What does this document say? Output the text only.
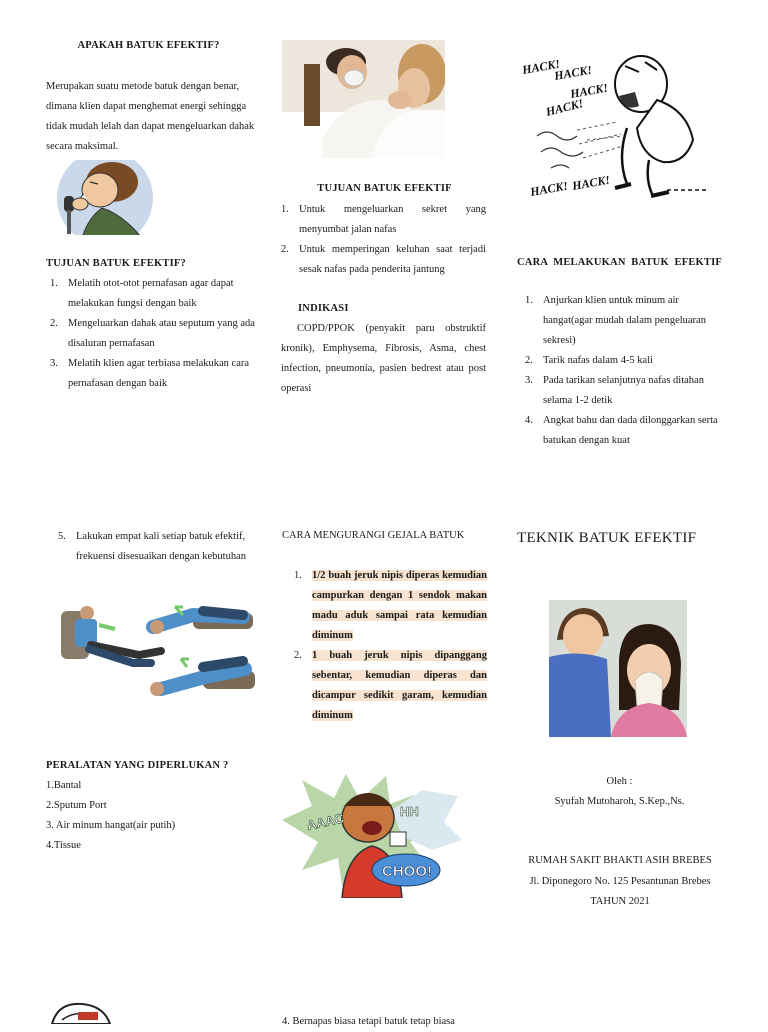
APAKAH BATUK EFEKTIF?
Merupakan suatu metode batuk dengan benar, dimana klien dapat menghemat energi sehingga tidak mudah lelah dan dapat mengeluarkan dahak secara maksimal.
TUJUAN BATUK EFEKTIF?
1. Melatih otot-otot pernafasan agar dapat melakukan fungsi dengan baik
2. Mengeluarkan dahak atau seputum yang ada disaluran pernafasan
3. Melatih klien agar terbiasa melakukan cara pernafasan dengan baik
5. Lakukan empat kali setiap batuk efektif, frekuensi disesuaikan dengan kebutuhan
PERALATAN YANG DIPERLUKAN ?
1.Bantal
2.Sputum Port
3. Air minum hangat(air putih)
4.Tissue
TUJUAN BATUK EFEKTIF
1. Untuk mengeluarkan sekret yang menyumbat jalan nafas
2. Untuk memperingan keluhan saat terjadi sesak nafas pada penderita jantung
INDIKASI
COPD/PPOK (penyakit paru obstruktif kronik), Emphysema, Fibrosis, Asma, chest infection, pneumonia, pasien bedrest atau post operasi
CARA MENGURANGI GEJALA BATUK
1. 1/2 buah jeruk nipis diperas kemudian campurkan dengan 1 sendok makan madu aduk sampai rata kemudian diminum
2. 1 buah jeruk nipis dipanggang sebentar, kemudian diperas dan dicampur sedikit garam, kemudian diminum
AAAC	HH
CHOO!
4. Bernapas biasa tetapi batuk tetap biasa
HACK!
HACK!
HACK!
HACK!
HACK! HACK!
CARA MELAKUKAN BATUK EFEKTIF
1. Anjurkan klien untuk minum air hangat(agar mudah dalam pengeluaran sekresi)
2. Tarik nafas dalam 4-5 kali
3. Pada tarikan selanjutnya nafas ditahan selama 1-2 detik
4. Angkat bahu dan dada dilonggarkan serta batukan dengan kuat
TEKNIK BATUK EFEKTIF
Oleh :
Syufah Mutoharoh, S.Kep.,Ns.
RUMAH SAKIT BHAKTI ASIH BREBES
Jl. Diponegoro No. 125 Pesantunan Brebes
TAHUN 2021
